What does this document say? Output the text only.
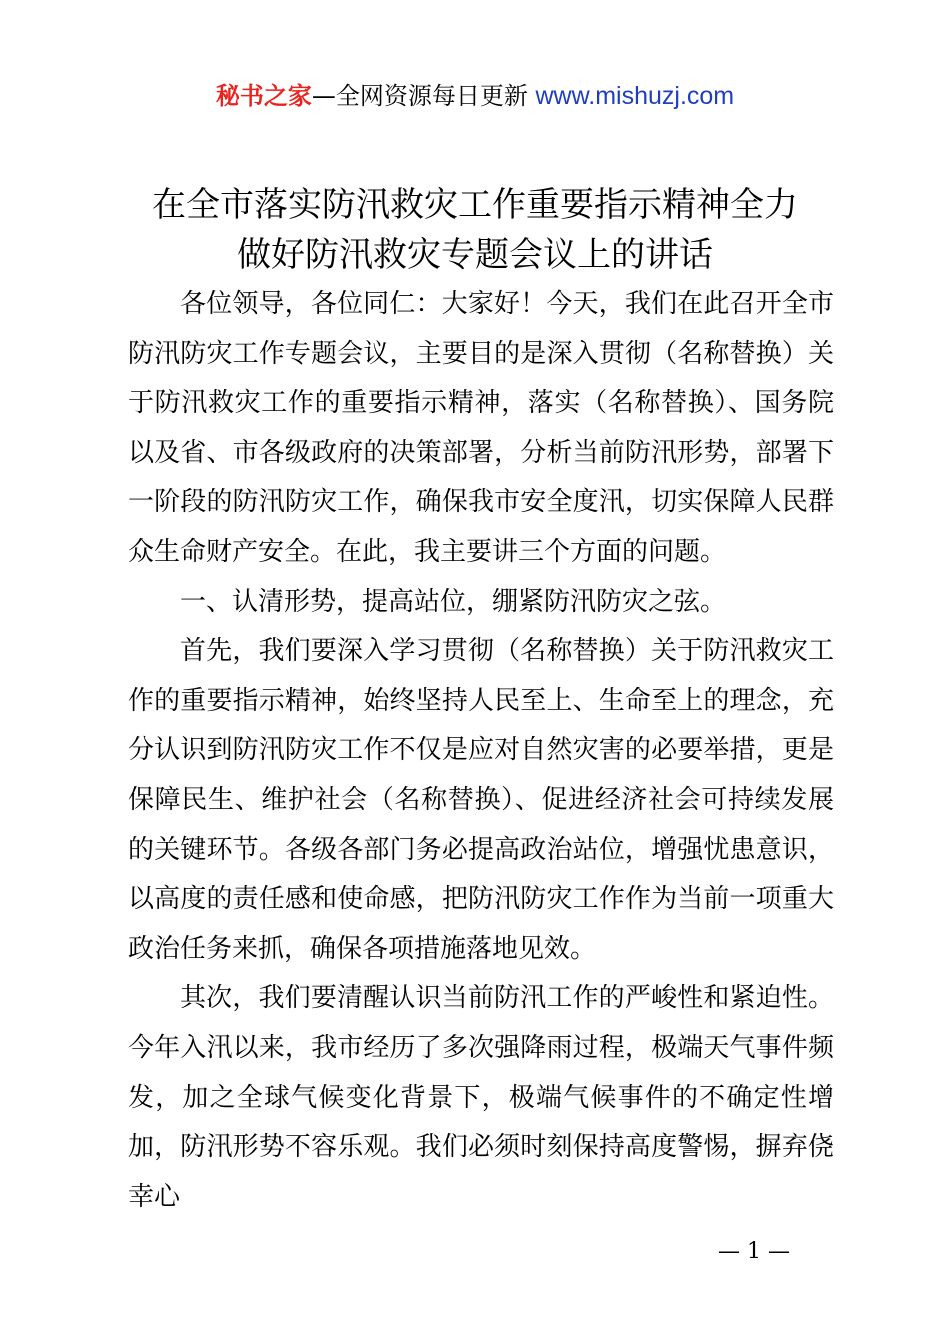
秘书之家—全网资源每日更新 www.mishuzj.com
在全市落实防汛救灾工作重要指示精神全力
做好防汛救灾专题会议上的讲话

各位领导，各位同仁：大家好！今天，我们在此召开全市防汛防灾工作专题会议，主要目的是深入贯彻（名称替换）关于防汛救灾工作的重要指示精神，落实（名称替换）、国务院以及省、市各级政府的决策部署，分析当前防汛形势，部署下一阶段的防汛防灾工作，确保我市安全度汛，切实保障人民群众生命财产安全。在此，我主要讲三个方面的问题。

一、认清形势，提高站位，绷紧防汛防灾之弦。

首先，我们要深入学习贯彻（名称替换）关于防汛救灾工作的重要指示精神，始终坚持人民至上、生命至上的理念，充分认识到防汛防灾工作不仅是应对自然灾害的必要举措，更是保障民生、维护社会（名称替换）、促进经济社会可持续发展的关键环节。各级各部门务必提高政治站位，增强忧患意识，以高度的责任感和使命感，把防汛防灾工作作为当前一项重大政治任务来抓，确保各项措施落地见效。

其次，我们要清醒认识当前防汛工作的严峻性和紧迫性。今年入汛以来，我市经历了多次强降雨过程，极端天气事件频发，加之全球气候变化背景下，极端气候事件的不确定性增加，防汛形势不容乐观。我们必须时刻保持高度警惕，摒弃侥幸心

— 1 —
